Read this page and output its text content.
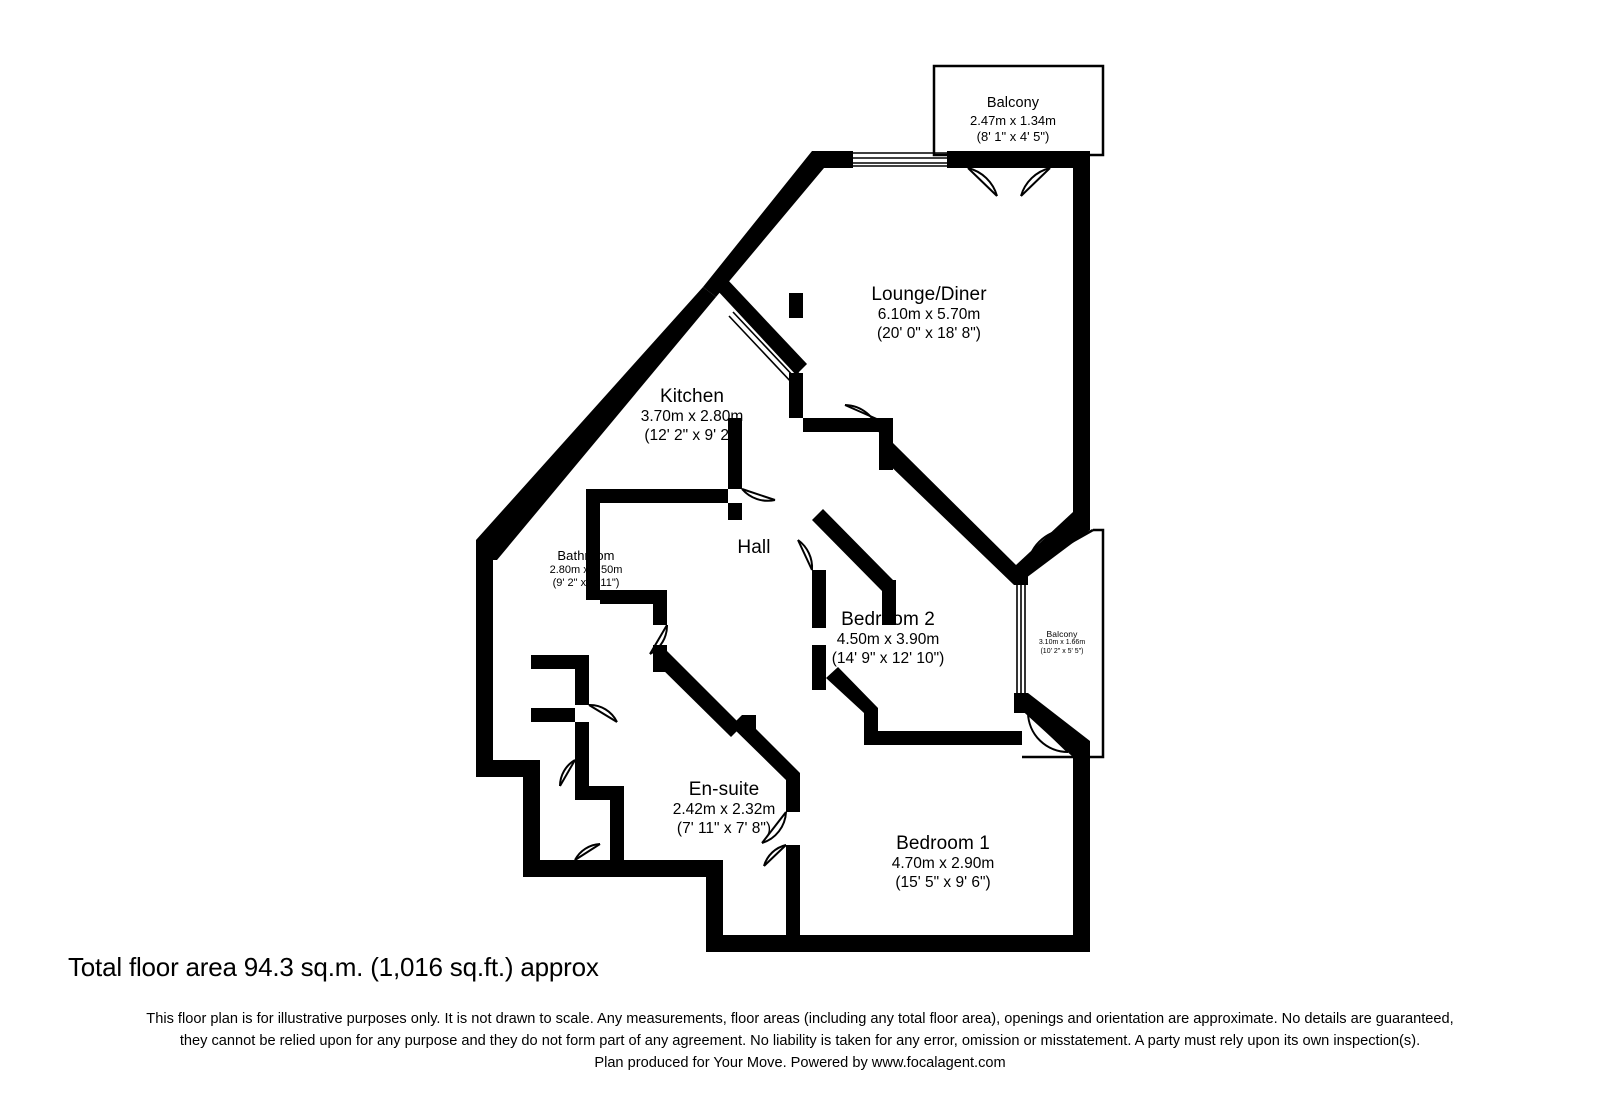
Balcony
2.47m x 1.34m
(8' 1" x 4' 5")
Lounge/Diner
6.10m x 5.70m
(20' 0" x 18' 8")
Kitchen
3.70m x 2.80m
(12' 2" x 9' 2")
Bathroom
2.80m x 1.50m
(9' 2" x 4' 11")
Hall
Bedroom 2
4.50m x 3.90m
(14' 9" x 12' 10")
Balcony
3.10m x 1.66m
(10' 2" x 5' 5")
En-suite
2.42m x 2.32m
(7' 11" x 7' 8")
Bedroom 1
4.70m x 2.90m
(15' 5" x 9' 6")
Total floor area 94.3 sq.m. (1,016 sq.ft.) approx
This floor plan is for illustrative purposes only. It is not drawn to scale. Any measurements, floor areas (including any total floor area), openings and orientation are approximate. No details are guaranteed,
they cannot be relied upon for any purpose and they do not form part of any agreement. No liability is taken for any error, omission or misstatement. A party must rely upon its own inspection(s).
Plan produced for Your Move. Powered by www.focalagent.com
